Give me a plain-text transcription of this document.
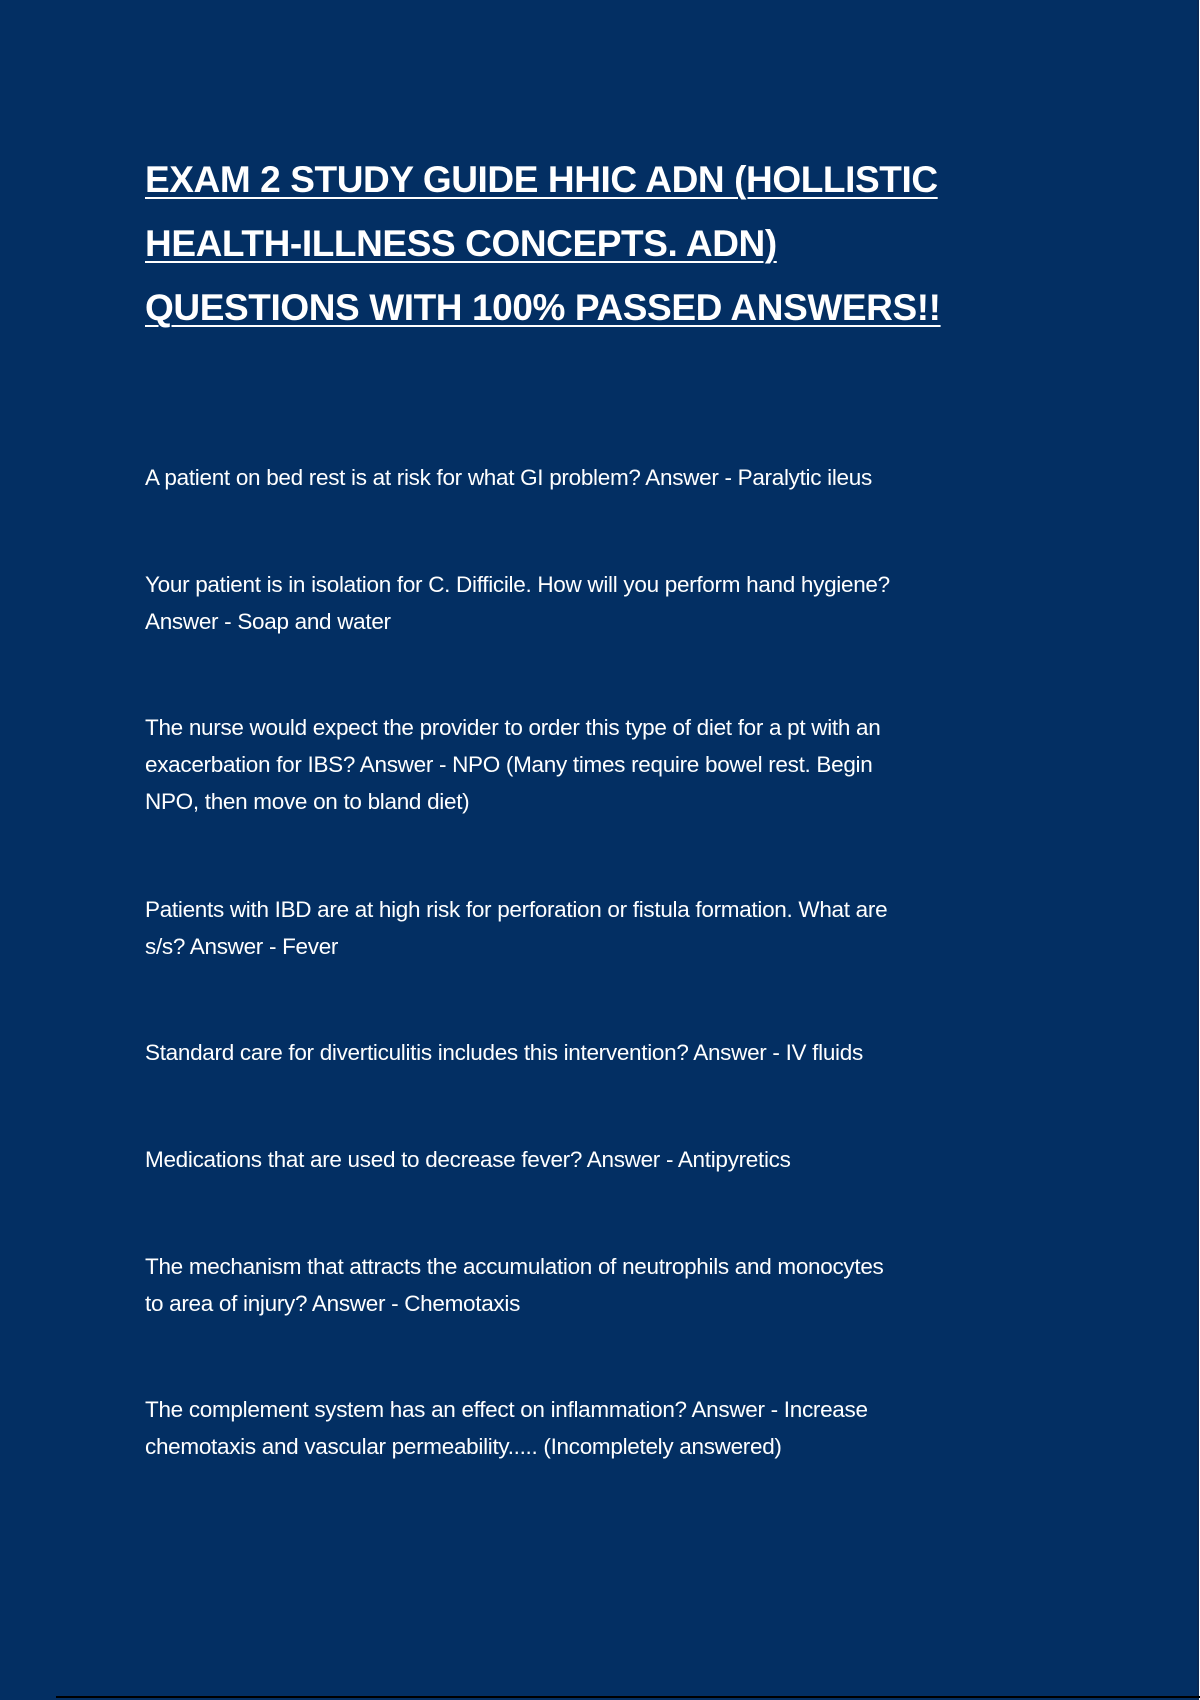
EXAM 2 STUDY GUIDE HHIC ADN (HOLLISTIC
HEALTH-ILLNESS CONCEPTS. ADN)
QUESTIONS WITH 100% PASSED ANSWERS!!
A patient on bed rest is at risk for what GI problem? Answer - Paralytic ileus
Your patient is in isolation for C. Difficile. How will you perform hand hygiene?
Answer - Soap and water
The nurse would expect the provider to order this type of diet for a pt with an
exacerbation for IBS? Answer - NPO (Many times require bowel rest. Begin
NPO, then move on to bland diet)
Patients with IBD are at high risk for perforation or fistula formation. What are
s/s? Answer - Fever
Standard care for diverticulitis includes this intervention? Answer - IV fluids
Medications that are used to decrease fever? Answer - Antipyretics
The mechanism that attracts the accumulation of neutrophils and monocytes
to area of injury? Answer - Chemotaxis
The complement system has an effect on inflammation? Answer - Increase
chemotaxis and vascular permeability..... (Incompletely answered)
